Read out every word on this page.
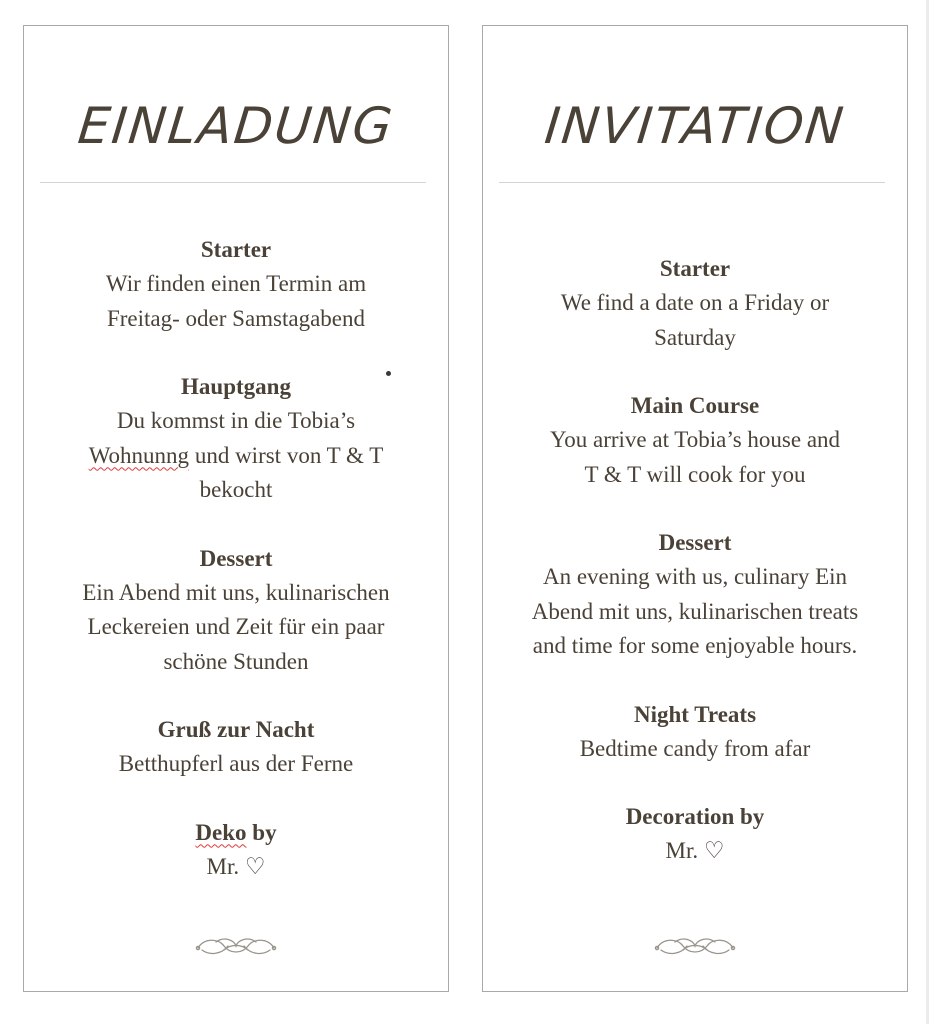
EINLADUNG
Starter
Wir finden einen Termin am
Freitag- oder Samstagabend
Hauptgang
Du kommst in die Tobia’s
Wohnunng und wirst von T & T
bekocht
Dessert
Ein Abend mit uns, kulinarischen
Leckereien und Zeit für ein paar
schöne Stunden
Gruß zur Nacht
Betthupferl aus der Ferne
Deko by
Mr. ♡
INVITATION
Starter
We find a date on a Friday or
Saturday
Main Course
You arrive at Tobia’s house and
T & T will cook for you
Dessert
An evening with us, culinary Ein
Abend mit uns, kulinarischen treats
and time for some enjoyable hours.
Night Treats
Bedtime candy from afar
Decoration by
Mr. ♡
